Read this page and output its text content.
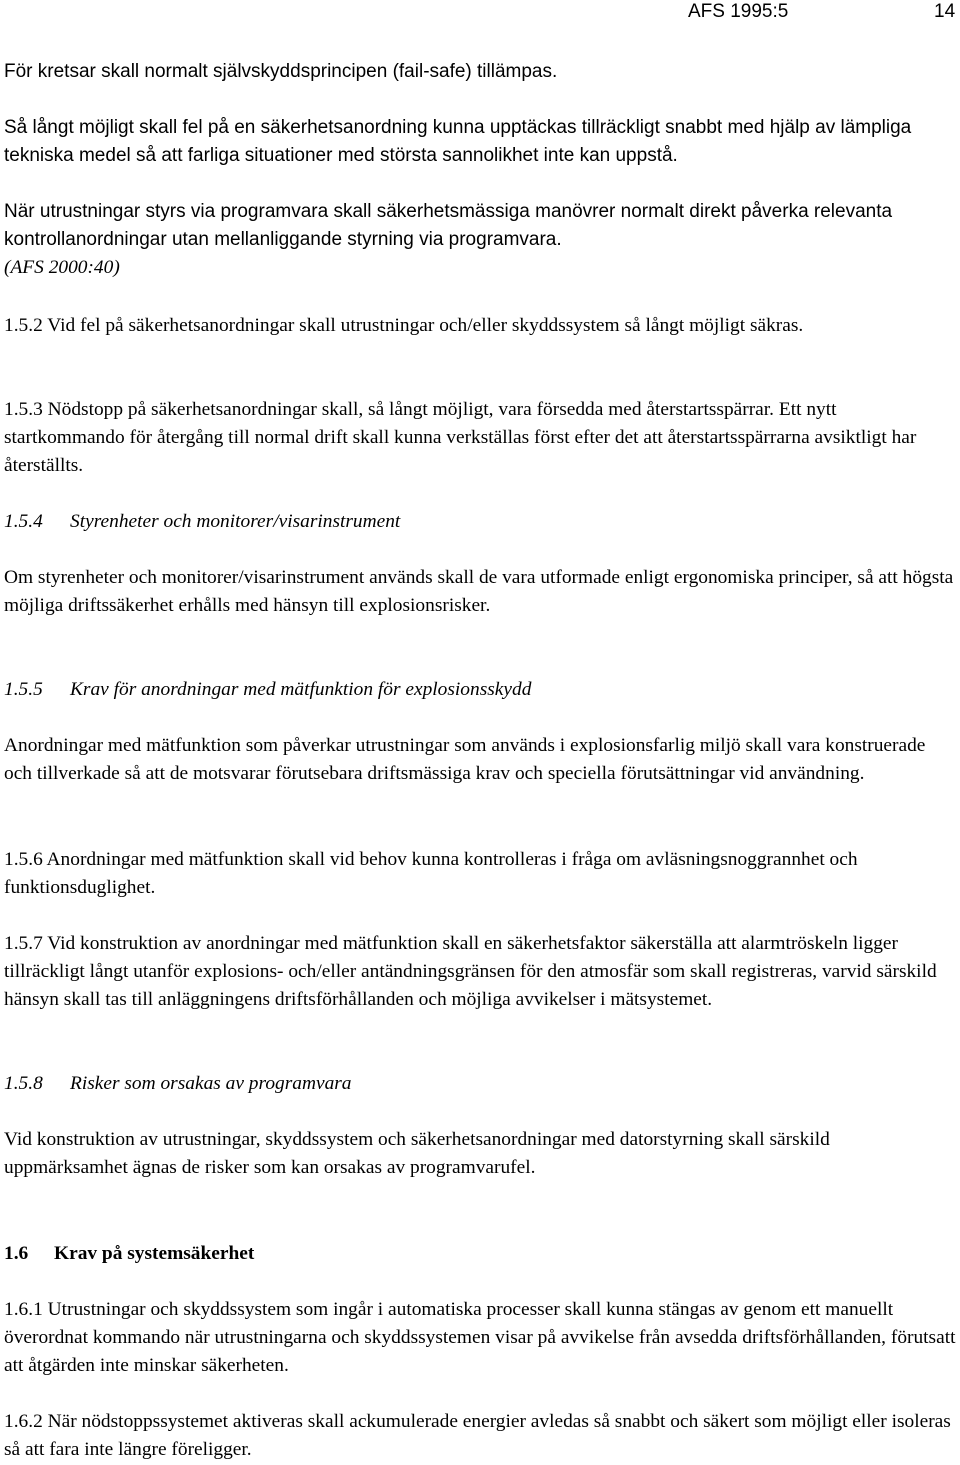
AFS 1995:5	14

För kretsar skall normalt självskyddsprincipen (fail-safe) tillämpas.

Så långt möjligt skall fel på en säkerhetsanordning kunna upptäckas tillräckligt snabbt med hjälp av lämpliga tekniska medel så att farliga situationer med största sannolikhet inte kan uppstå.

När utrustningar styrs via programvara skall säkerhetsmässiga manövrer normalt direkt påverka relevanta kontrollanordningar utan mellanliggande styrning via programvara.
(AFS 2000:40)

1.5.2 Vid fel på säkerhetsanordningar skall utrustningar och/eller skyddssystem så långt möjligt säkras.

1.5.3 Nödstopp på säkerhetsanordningar skall, så långt möjligt, vara försedda med återstartsspärrar. Ett nytt startkommando för återgång till normal drift skall kunna verkställas först efter det att återstartsspärrarna avsiktligt har återställts.

1.5.4 Styrenheter och monitorer/visarinstrument

Om styrenheter och monitorer/visarinstrument används skall de vara utformade enligt ergonomiska principer, så att högsta möjliga driftssäkerhet erhålls med hänsyn till explosionsrisker.

1.5.5 Krav för anordningar med mätfunktion för explosionsskydd

Anordningar med mätfunktion som påverkar utrustningar som används i explosionsfarlig miljö skall vara konstruerade och tillverkade så att de motsvarar förutsebara driftsmässiga krav och speciella förutsättningar vid användning.

1.5.6 Anordningar med mätfunktion skall vid behov kunna kontrolleras i fråga om avläsningsnoggrannhet och funktionsduglighet.

1.5.7 Vid konstruktion av anordningar med mätfunktion skall en säkerhetsfaktor säkerställa att alarmtröskeln ligger tillräckligt långt utanför explosions- och/eller antändningsgränsen för den atmosfär som skall registreras, varvid särskild hänsyn skall tas till anläggningens driftsförhållanden och möjliga avvikelser i mätsystemet.

1.5.8 Risker som orsakas av programvara

Vid konstruktion av utrustningar, skyddssystem och säkerhetsanordningar med datorstyrning skall särskild uppmärksamhet ägnas de risker som kan orsakas av programvarufel.

1.6 Krav på systemsäkerhet

1.6.1 Utrustningar och skyddssystem som ingår i automatiska processer skall kunna stängas av genom ett manuellt överordnat kommando när utrustningarna och skyddssystemen visar på avvikelse från avsedda driftsförhållanden, förutsatt att åtgärden inte minskar säkerheten.

1.6.2 När nödstoppssystemet aktiveras skall ackumulerade energier avledas så snabbt och säkert som möjligt eller isoleras så att fara inte längre föreligger.
